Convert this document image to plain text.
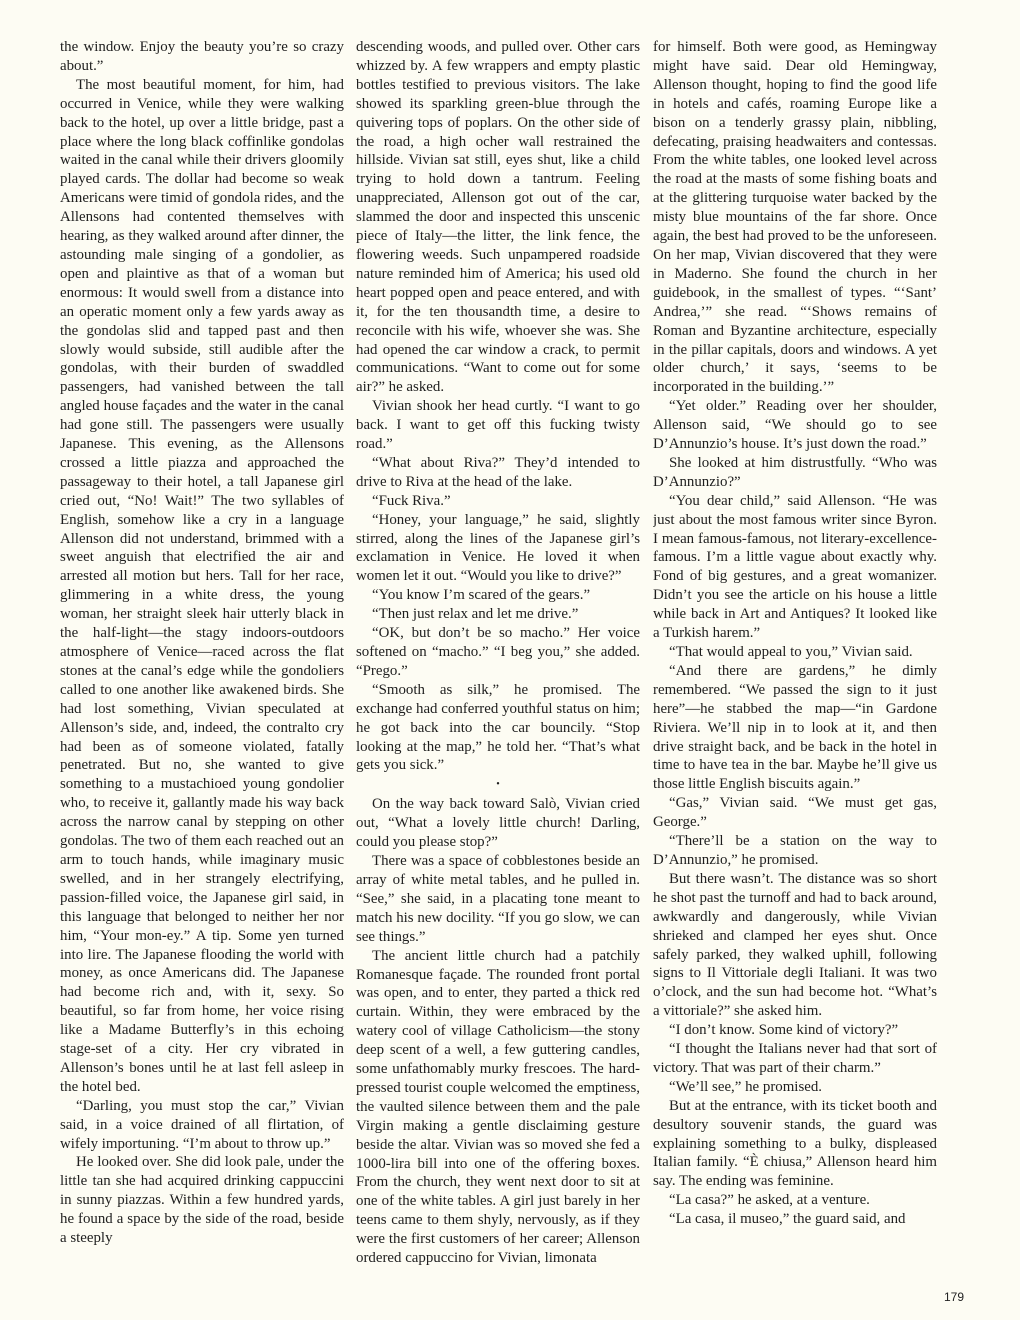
the window. Enjoy the beauty you’re so crazy about.”

The most beautiful moment, for him, had occurred in Venice, while they were walking back to the hotel, up over a little bridge, past a place where the long black coffinlike gondolas waited in the canal while their drivers gloomily played cards. The dollar had become so weak Americans were timid of gondola rides, and the Allensons had contented themselves with hearing, as they walked around after dinner, the astounding male singing of a gondolier, as open and plaintive as that of a woman but enormous: It would swell from a distance into an operatic moment only a few yards away as the gondolas slid and tapped past and then slowly would subside, still audible after the gondolas, with their burden of swaddled passengers, had vanished between the tall angled house façades and the water in the canal had gone still. The passengers were usually Japanese. This evening, as the Allensons crossed a little piazza and approached the passageway to their hotel, a tall Japanese girl cried out, “No! Wait!” The two syllables of English, somehow like a cry in a language Allenson did not understand, brimmed with a sweet anguish that electrified the air and arrested all motion but hers. Tall for her race, glimmering in a white dress, the young woman, her straight sleek hair utterly black in the half-light—the stagy indoors-outdoors atmosphere of Venice—raced across the flat stones at the canal’s edge while the gondoliers called to one another like awakened birds. She had lost something, Vivian speculated at Allenson’s side, and, indeed, the contralto cry had been as of someone violated, fatally penetrated. But no, she wanted to give something to a mustachioed young gondolier who, to receive it, gallantly made his way back across the narrow canal by stepping on other gondolas. The two of them each reached out an arm to touch hands, while imaginary music swelled, and in her strangely electrifying, passion-filled voice, the Japanese girl said, in this language that belonged to neither her nor him, “Your mon-ey.” A tip. Some yen turned into lire. The Japanese flooding the world with money, as once Americans did. The Japanese had become rich and, with it, sexy. So beautiful, so far from home, her voice rising like a Madame Butterfly’s in this echoing stage-set of a city. Her cry vibrated in Allenson’s bones until he at last fell asleep in the hotel bed.

“Darling, you must stop the car,” Vivian said, in a voice drained of all flirtation, of wifely importuning. “I’m about to throw up.”

He looked over. She did look pale, under the little tan she had acquired drinking cappuccini in sunny piazzas. Within a few hundred yards, he found a space by the side of the road, beside a steeply

descending woods, and pulled over. Other cars whizzed by. A few wrappers and empty plastic bottles testified to previous visitors. The lake showed its sparkling green-blue through the quivering tops of poplars. On the other side of the road, a high ocher wall restrained the hillside. Vivian sat still, eyes shut, like a child trying to hold down a tantrum. Feeling unappreciated, Allenson got out of the car, slammed the door and inspected this unscenic piece of Italy—the litter, the link fence, the flowering weeds. Such unpampered roadside nature reminded him of America; his used old heart popped open and peace entered, and with it, for the ten thousandth time, a desire to reconcile with his wife, whoever she was. She had opened the car window a crack, to permit communications. “Want to come out for some air?” he asked.

Vivian shook her head curtly. “I want to go back. I want to get off this fucking twisty road.”

“What about Riva?” They’d intended to drive to Riva at the head of the lake.

“Fuck Riva.”

“Honey, your language,” he said, slightly stirred, along the lines of the Japanese girl’s exclamation in Venice. He loved it when women let it out. “Would you like to drive?”

“You know I’m scared of the gears.”

“Then just relax and let me drive.”

“OK, but don’t be so macho.” Her voice softened on “macho.” “I beg you,” she added. “Prego.”

“Smooth as silk,” he promised. The exchange had conferred youthful status on him; he got back into the car bouncily. “Stop looking at the map,” he told her. “That’s what gets you sick.”

•

On the way back toward Salò, Vivian cried out, “What a lovely little church! Darling, could you please stop?”

There was a space of cobblestones beside an array of white metal tables, and he pulled in. “See,” she said, in a placating tone meant to match his new docility. “If you go slow, we can see things.”

The ancient little church had a patchily Romanesque façade. The rounded front portal was open, and to enter, they parted a thick red curtain. Within, they were embraced by the watery cool of village Catholicism—the stony deep scent of a well, a few guttering candles, some unfathomably murky frescoes. The hard-pressed tourist couple welcomed the emptiness, the vaulted silence between them and the pale Virgin making a gentle disclaiming gesture beside the altar. Vivian was so moved she fed a 1000-lira bill into one of the offering boxes. From the church, they went next door to sit at one of the white tables. A girl just barely in her teens came to them shyly, nervously, as if they were the first customers of her career; Allenson ordered cappuccino for Vivian, limonata

for himself. Both were good, as Hemingway might have said. Dear old Hemingway, Allenson thought, hoping to find the good life in hotels and cafés, roaming Europe like a bison on a tenderly grassy plain, nibbling, defecating, praising headwaiters and contessas. From the white tables, one looked level across the road at the masts of some fishing boats and at the glittering turquoise water backed by the misty blue mountains of the far shore. Once again, the best had proved to be the unforeseen. On her map, Vivian discovered that they were in Maderno. She found the church in her guidebook, in the smallest of types. “‘Sant’ Andrea,’” she read. “‘Shows remains of Roman and Byzantine architecture, especially in the pillar capitals, doors and windows. A yet older church,’ it says, ‘seems to be incorporated in the building.’”

“Yet older.” Reading over her shoulder, Allenson said, “We should go to see D’Annunzio’s house. It’s just down the road.”

She looked at him distrustfully. “Who was D’Annunzio?”

“You dear child,” said Allenson. “He was just about the most famous writer since Byron. I mean famous-famous, not literary-excellence-famous. I’m a little vague about exactly why. Fond of big gestures, and a great womanizer. Didn’t you see the article on his house a little while back in Art and Antiques? It looked like a Turkish harem.”

“That would appeal to you,” Vivian said.

“And there are gardens,” he dimly remembered. “We passed the sign to it just here”—he stabbed the map—“in Gardone Riviera. We’ll nip in to look at it, and then drive straight back, and be back in the hotel in time to have tea in the bar. Maybe he’ll give us those little English biscuits again.”

“Gas,” Vivian said. “We must get gas, George.”

“There’ll be a station on the way to D’Annunzio,” he promised.

But there wasn’t. The distance was so short he shot past the turnoff and had to back around, awkwardly and dangerously, while Vivian shrieked and clamped her eyes shut. Once safely parked, they walked uphill, following signs to Il Vittoriale degli Italiani. It was two o’clock, and the sun had become hot. “What’s a vittoriale?” she asked him.

“I don’t know. Some kind of victory?”

“I thought the Italians never had that sort of victory. That was part of their charm.”

“We’ll see,” he promised.

But at the entrance, with its ticket booth and desultory souvenir stands, the guard was explaining something to a bulky, displeased Italian family. “È chiusa,” Allenson heard him say. The ending was feminine.

“La casa?” he asked, at a venture.

“La casa, il museo,” the guard said, and

179
